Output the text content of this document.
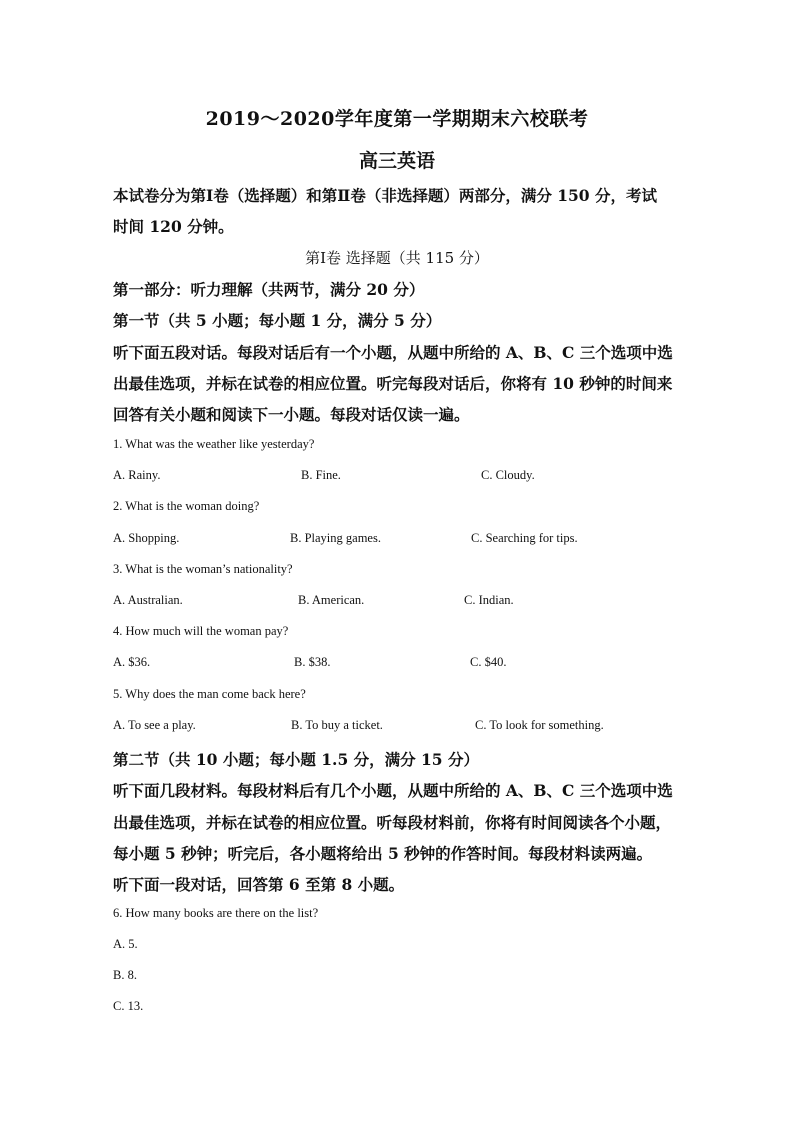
2019～2020学年度第一学期期末六校联考
高三英语
本试卷分为第Ⅰ卷（选择题）和第Ⅱ卷（非选择题）两部分，满分 150 分，考试
时间 120 分钟。
第Ⅰ卷 选择题（共 115 分）
第一部分：听力理解（共两节，满分 20 分）
第一节（共 5 小题；每小题 1 分，满分 5 分）
听下面五段对话。每段对话后有一个小题，从题中所给的 A、B、C 三个选项中选
出最佳选项，并标在试卷的相应位置。听完每段对话后，你将有 10 秒钟的时间来
回答有关小题和阅读下一小题。每段对话仅读一遍。
1. What was the weather like yesterday?
A. Rainy.	B. Fine.	C. Cloudy.
2. What is the woman doing?
A. Shopping.	B. Playing games.	C. Searching for tips.
3. What is the woman’s nationality?
A. Australian.	B. American.	C. Indian.
4. How much will the woman pay?
A. $36.	B. $38.	C. $40.
5. Why does the man come back here?
A. To see a play.	B. To buy a ticket.	C. To look for something.
第二节（共 10 小题；每小题 1.5 分，满分 15 分）
听下面几段材料。每段材料后有几个小题，从题中所给的 A、B、C 三个选项中选
出最佳选项，并标在试卷的相应位置。听每段材料前，你将有时间阅读各个小题，
每小题 5 秒钟；听完后，各小题将给出 5 秒钟的作答时间。每段材料读两遍。
听下面一段对话，回答第 6 至第 8 小题。
6. How many books are there on the list?
A. 5.
B. 8.
C. 13.
